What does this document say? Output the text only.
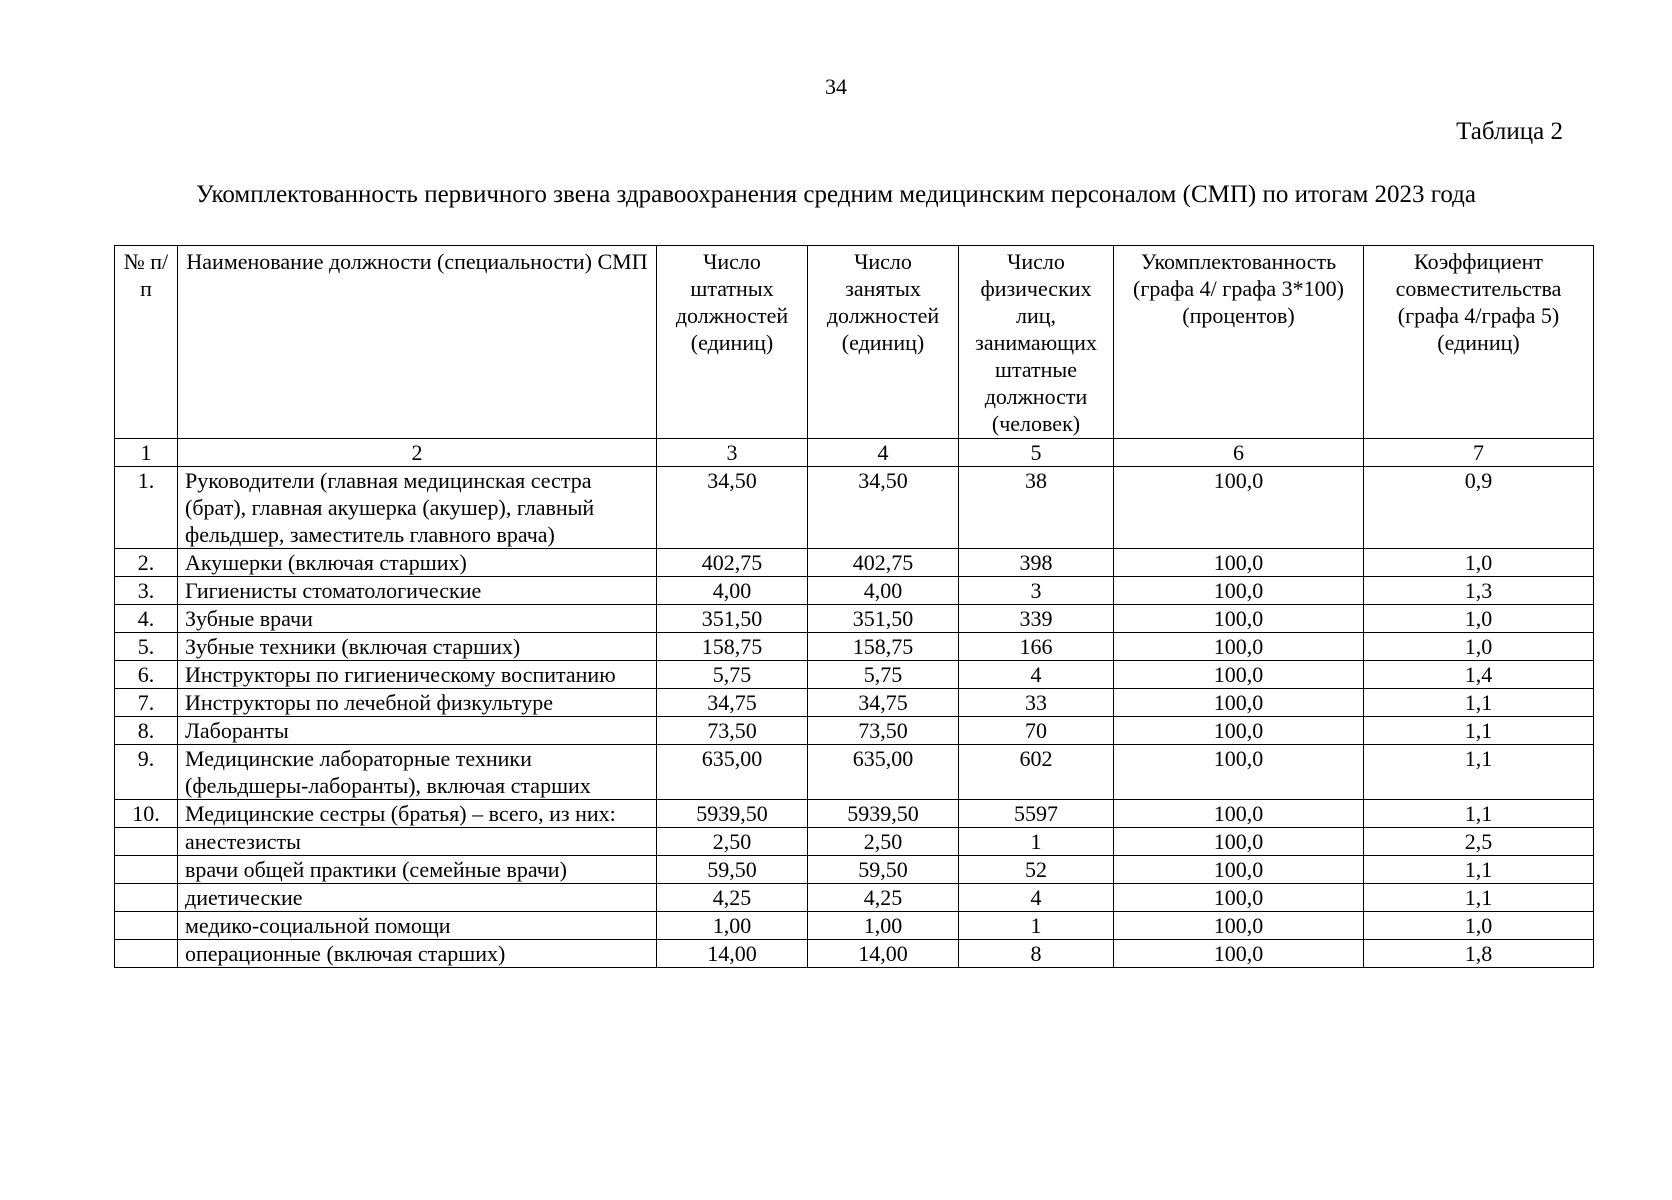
34
Таблица 2
Укомплектованность первичного звена здравоохранения средним медицинским персоналом (СМП) по итогам 2023 года
№ п/п	Наименование должности (специальности) СМП	Число штатных должностей (единиц)	Число занятых должностей (единиц)	Число физических лиц, занимающих штатные должности (человек)	Укомплектованность (графа 4/ графа 3*100) (процентов)	Коэффициент совместительства (графа 4/графа 5) (единиц)
1	2	3	4	5	6	7
1.	Руководители (главная медицинская сестра (брат), главная акушерка (акушер), главный фельдшер, заместитель главного врача)	34,50	34,50	38	100,0	0,9
2.	Акушерки (включая старших)	402,75	402,75	398	100,0	1,0
3.	Гигиенисты стоматологические	4,00	4,00	3	100,0	1,3
4.	Зубные врачи	351,50	351,50	339	100,0	1,0
5.	Зубные техники (включая старших)	158,75	158,75	166	100,0	1,0
6.	Инструкторы по гигиеническому воспитанию	5,75	5,75	4	100,0	1,4
7.	Инструкторы по лечебной физкультуре	34,75	34,75	33	100,0	1,1
8.	Лаборанты	73,50	73,50	70	100,0	1,1
9.	Медицинские лабораторные техники (фельдшеры-лаборанты), включая старших	635,00	635,00	602	100,0	1,1
10.	Медицинские сестры (братья) – всего, из них:	5939,50	5939,50	5597	100,0	1,1
	анестезисты	2,50	2,50	1	100,0	2,5
	врачи общей практики (семейные врачи)	59,50	59,50	52	100,0	1,1
	диетические	4,25	4,25	4	100,0	1,1
	медико-социальной помощи	1,00	1,00	1	100,0	1,0
	операционные (включая старших)	14,00	14,00	8	100,0	1,8
